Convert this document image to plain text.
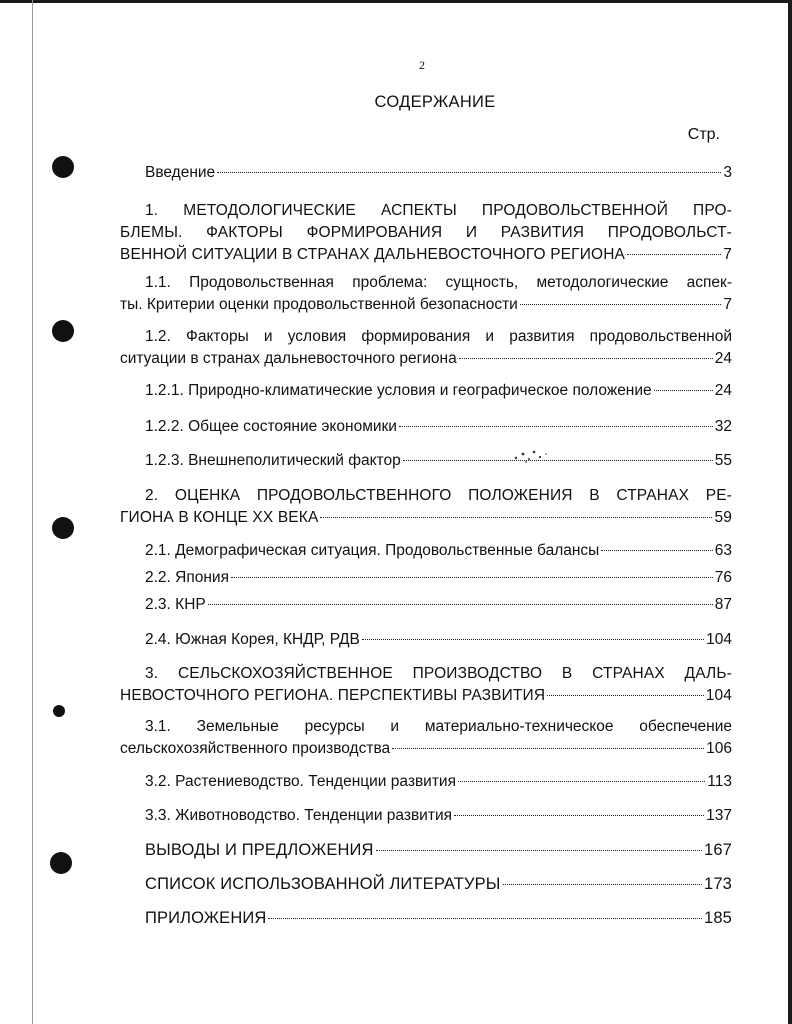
2
СОДЕРЖАНИЕ
Стр.
Введение	3
1. МЕТОДОЛОГИЧЕСКИЕ АСПЕКТЫ ПРОДОВОЛЬСТВЕННОЙ ПРО-
БЛЕМЫ. ФАКТОРЫ ФОРМИРОВАНИЯ И РАЗВИТИЯ ПРОДОВОЛЬСТ-
ВЕННОЙ СИТУАЦИИ В СТРАНАХ ДАЛЬНЕВОСТОЧНОГО РЕГИОНА	7
1.1. Продовольственная проблема: сущность, методологические аспек-
ты. Критерии оценки продовольственной безопасности	7
1.2. Факторы и условия формирования и развития продовольственной
ситуации в странах дальневосточного региона	24
1.2.1. Природно-климатические условия и географическое положение	24
1.2.2. Общее состояние экономики	32
1.2.3. Внешнеполитический фактор	55
2. ОЦЕНКА ПРОДОВОЛЬСТВЕННОГО ПОЛОЖЕНИЯ В СТРАНАХ РЕ-
ГИОНА В КОНЦЕ XX ВЕКА	59
2.1. Демографическая ситуация. Продовольственные балансы	63
2.2. Япония	76
2.3. КНР	87
2.4. Южная Корея, КНДР, РДВ	104
3. СЕЛЬСКОХОЗЯЙСТВЕННОЕ ПРОИЗВОДСТВО В СТРАНАХ ДАЛЬ-
НЕВОСТОЧНОГО РЕГИОНА. ПЕРСПЕКТИВЫ РАЗВИТИЯ	104
3.1. Земельные ресурсы и материально-техническое обеспечение
сельскохозяйственного производства	106
3.2. Растениеводство. Тенденции развития	113
3.3. Животноводство. Тенденции развития	137
ВЫВОДЫ И ПРЕДЛОЖЕНИЯ	167
СПИСОК ИСПОЛЬЗОВАННОЙ ЛИТЕРАТУРЫ	173
ПРИЛОЖЕНИЯ	185
